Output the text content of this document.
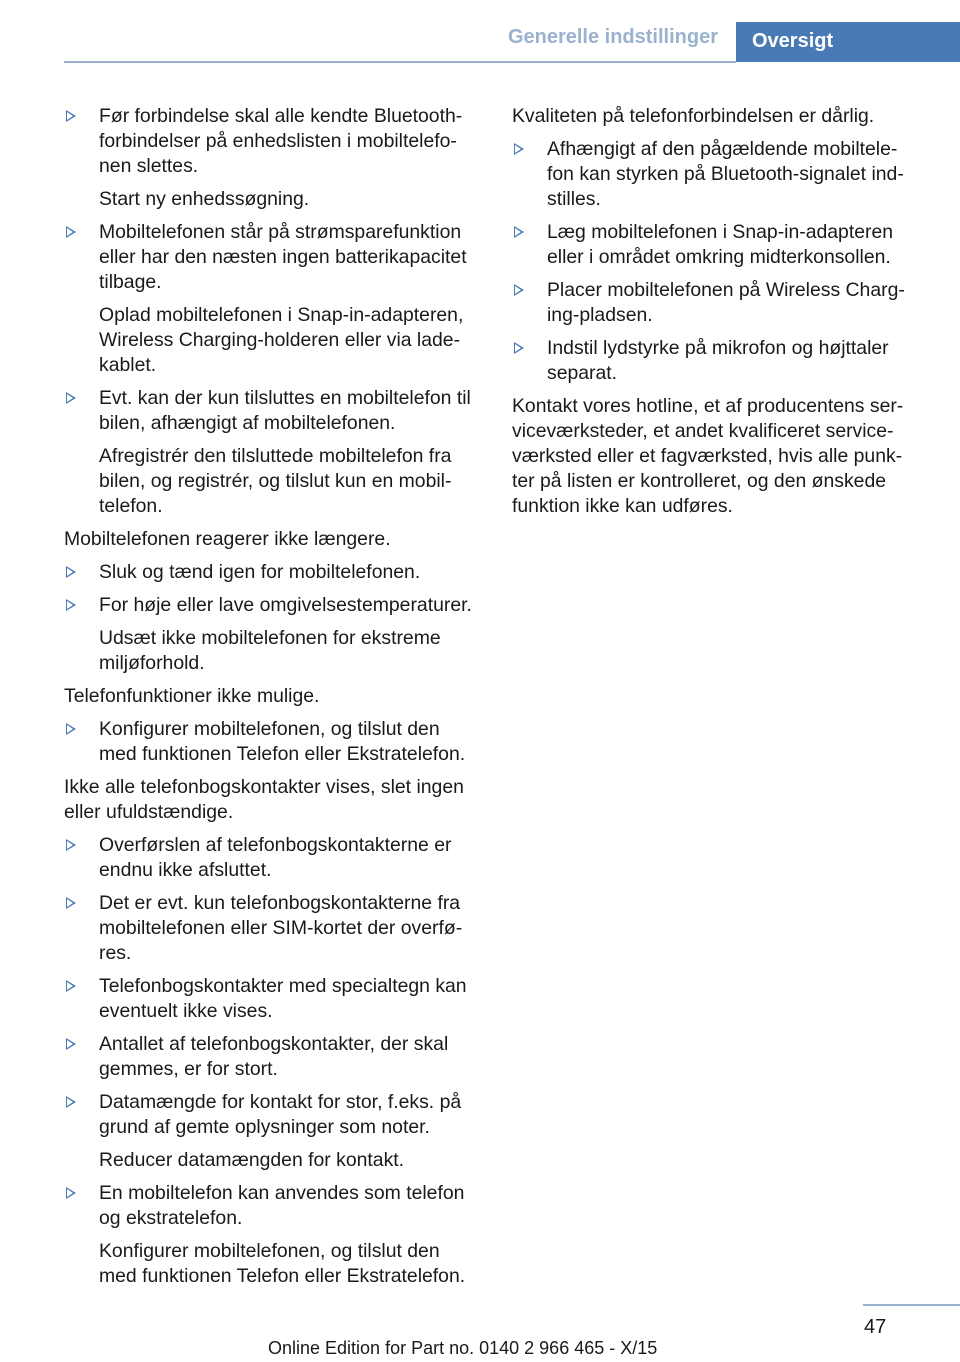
Generelle indstillinger	Oversigt

Før forbindelse skal alle kendte Bluetooth-forbindelser på enhedslisten i mobiltelefo-nen slettes.

Start ny enhedssøgning.

Mobiltelefonen står på strømsparefunktion eller har den næsten ingen batterikapacitet tilbage.

Oplad mobiltelefonen i Snap-in-adapteren, Wireless Charging-holderen eller via lade-kablet.

Evt. kan der kun tilsluttes en mobiltelefon til bilen, afhængigt af mobiltelefonen.

Afregistrér den tilsluttede mobiltelefon fra bilen, og registrér, og tilslut kun en mobil-telefon.

Mobiltelefonen reagerer ikke længere.

Sluk og tænd igen for mobiltelefonen.

For høje eller lave omgivelsestemperaturer.

Udsæt ikke mobiltelefonen for ekstreme miljøforhold.

Telefonfunktioner ikke mulige.

Konfigurer mobiltelefonen, og tilslut den med funktionen Telefon eller Ekstratelefon.

Ikke alle telefonbogskontakter vises, slet ingen eller ufuldstændige.

Overførslen af telefonbogskontakterne er endnu ikke afsluttet.

Det er evt. kun telefonbogskontakterne fra mobiltelefonen eller SIM-kortet der overfø-res.

Telefonbogskontakter med specialtegn kan eventuelt ikke vises.

Antallet af telefonbogskontakter, der skal gemmes, er for stort.

Datamængde for kontakt for stor, f.eks. på grund af gemte oplysninger som noter.

Reducer datamængden for kontakt.

En mobiltelefon kan anvendes som telefon og ekstratelefon.

Konfigurer mobiltelefonen, og tilslut den med funktionen Telefon eller Ekstratelefon.

Kvaliteten på telefonforbindelsen er dårlig.

Afhængigt af den pågældende mobiltele-fon kan styrken på Bluetooth-signalet ind-stilles.

Læg mobiltelefonen i Snap-in-adapteren eller i området omkring midterkonsollen.

Placer mobiltelefonen på Wireless Charg-ing-pladsen.

Indstil lydstyrke på mikrofon og højttaler separat.

Kontakt vores hotline, et af producentens ser-viceværksteder, et andet kvalificeret service-værksted eller et fagværksted, hvis alle punk-ter på listen er kontrolleret, og den ønskede funktion ikke kan udføres.

47
Online Edition for Part no. 0140 2 966 465 - X/15
